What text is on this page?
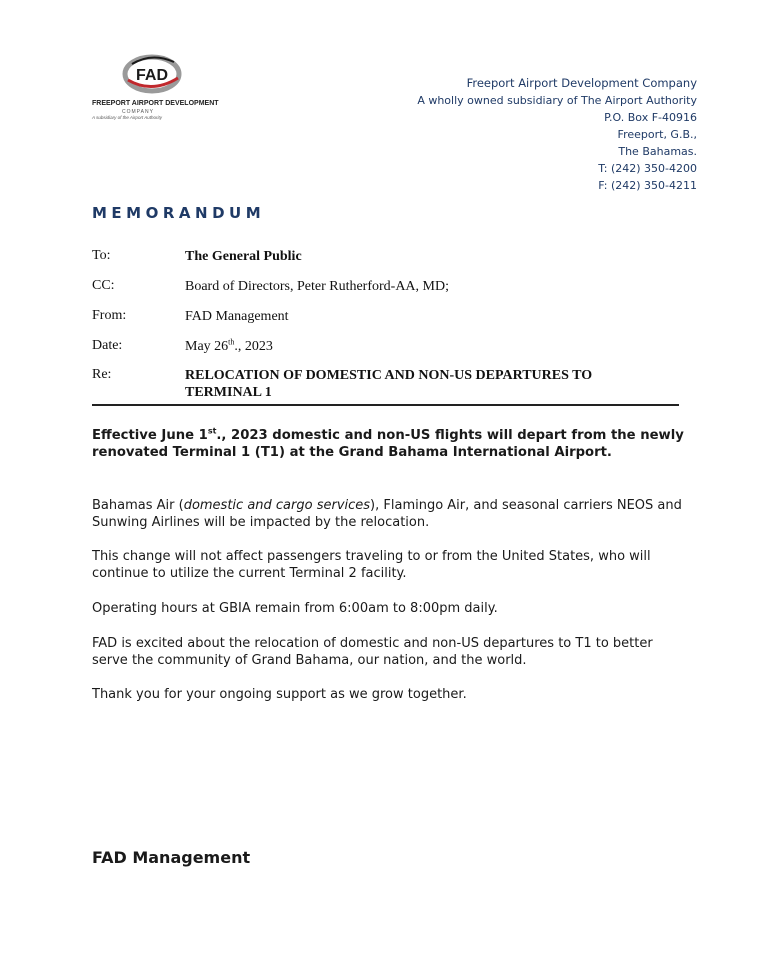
FAD
FREEPORT AIRPORT DEVELOPMENT
COMPANY
A subsidiary of the Airport Authority
Freeport Airport Development Company
A wholly owned subsidiary of The Airport Authority
P.O. Box F-40916
Freeport, G.B.,
The Bahamas.
T: (242) 350-4200
F: (242) 350-4211
MEMORANDUM
To:	The General Public
CC:	Board of Directors, Peter Rutherford-AA, MD;
From:	FAD Management
Date:	May 26th., 2023
Re:	RELOCATION OF DOMESTIC AND NON-US DEPARTURES TO TERMINAL 1
Effective June 1st., 2023 domestic and non-US flights will depart from the newly renovated Terminal 1 (T1) at the Grand Bahama International Airport.
Bahamas Air (domestic and cargo services), Flamingo Air, and seasonal carriers NEOS and Sunwing Airlines will be impacted by the relocation.
This change will not affect passengers traveling to or from the United States, who will continue to utilize the current Terminal 2 facility.
Operating hours at GBIA remain from 6:00am to 8:00pm daily.
FAD is excited about the relocation of domestic and non-US departures to T1 to better serve the community of Grand Bahama, our nation, and the world.
Thank you for your ongoing support as we grow together.
FAD Management
